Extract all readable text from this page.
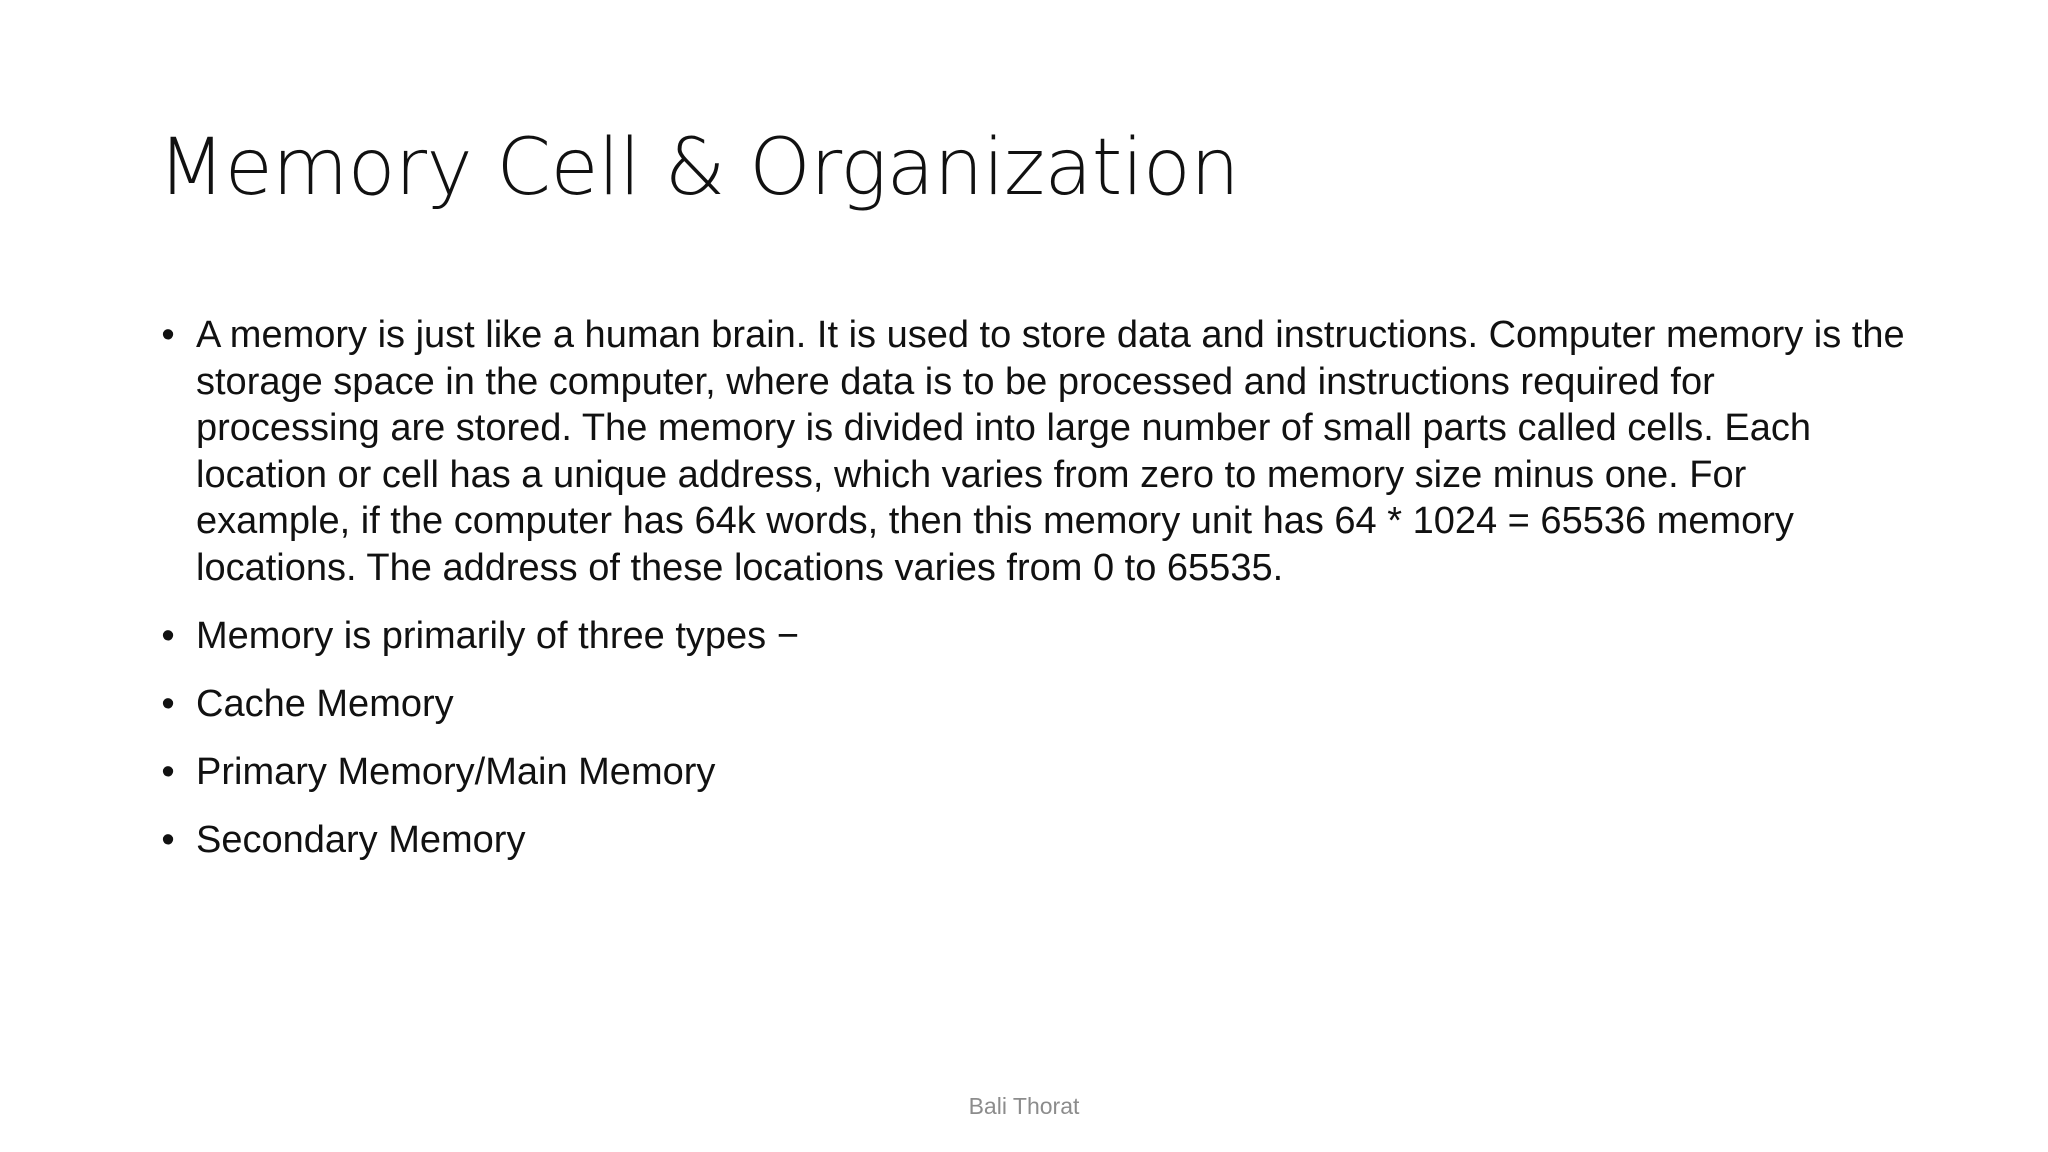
Memory Cell & Organization
• A memory is just like a human brain. It is used to store data and instructions. Computer memory is the storage space in the computer, where data is to be processed and instructions required for processing are stored. The memory is divided into large number of small parts called cells. Each location or cell has a unique address, which varies from zero to memory size minus one. For example, if the computer has 64k words, then this memory unit has 64 * 1024 = 65536 memory locations. The address of these locations varies from 0 to 65535.
• Memory is primarily of three types −
• Cache Memory
• Primary Memory/Main Memory
• Secondary Memory
Bali Thorat
